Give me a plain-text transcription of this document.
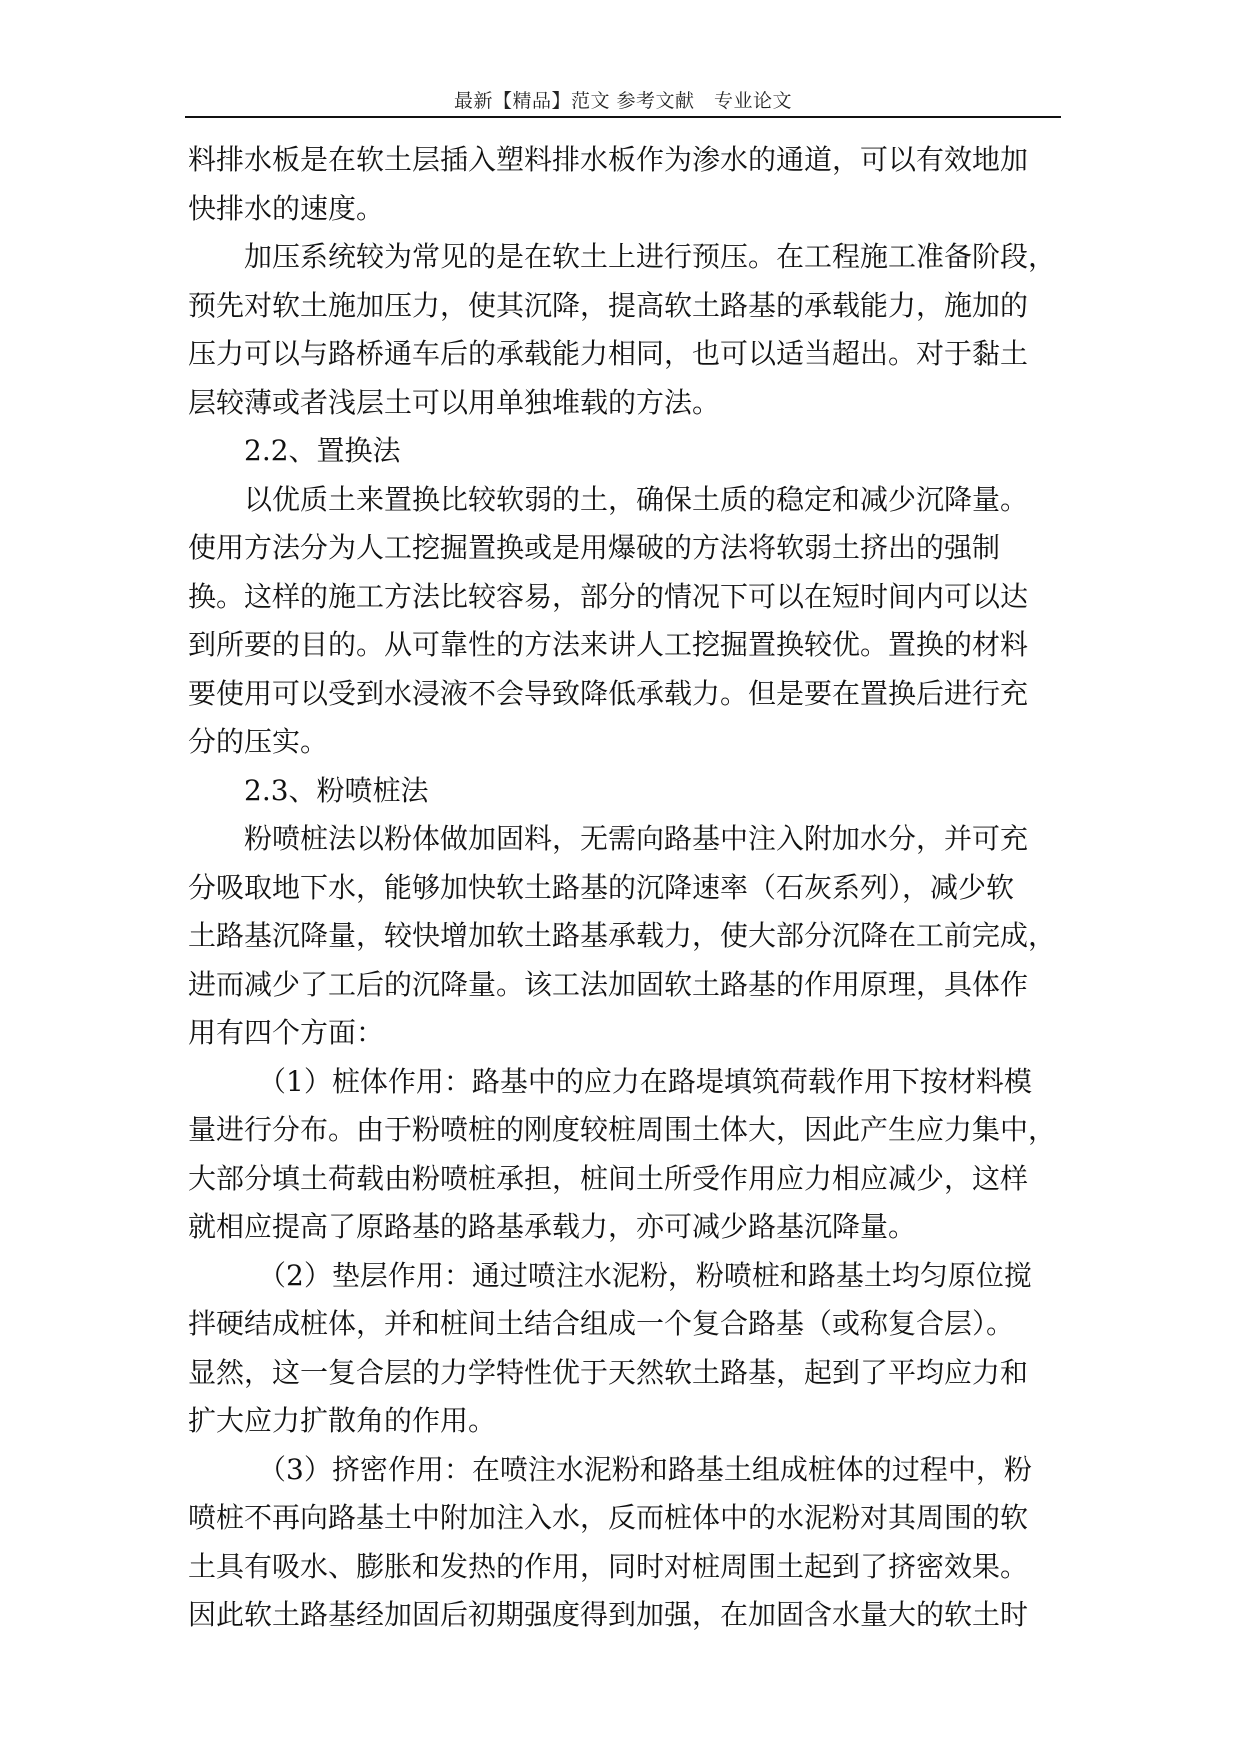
最新【精品】范文 参考文献　专业论文
料排水板是在软土层插入塑料排水板作为渗水的通道，可以有效地加
快排水的速度。
加压系统较为常见的是在软土上进行预压。在工程施工准备阶段，
预先对软土施加压力，使其沉降，提高软土路基的承载能力，施加的
压力可以与路桥通车后的承载能力相同，也可以适当超出。对于黏土
层较薄或者浅层土可以用单独堆载的方法。
2.2、置换法
以优质土来置换比较软弱的土，确保土质的稳定和减少沉降量。
使用方法分为人工挖掘置换或是用爆破的方法将软弱土挤出的强制
换。这样的施工方法比较容易，部分的情况下可以在短时间内可以达
到所要的目的。从可靠性的方法来讲人工挖掘置换较优。置换的材料
要使用可以受到水浸液不会导致降低承载力。但是要在置换后进行充
分的压实。
2.3、粉喷桩法
粉喷桩法以粉体做加固料，无需向路基中注入附加水分，并可充
分吸取地下水，能够加快软土路基的沉降速率（石灰系列），减少软
土路基沉降量，较快增加软土路基承载力，使大部分沉降在工前完成，
进而减少了工后的沉降量。该工法加固软土路基的作用原理，具体作
用有四个方面：
（1）桩体作用：路基中的应力在路堤填筑荷载作用下按材料模
量进行分布。由于粉喷桩的刚度较桩周围土体大，因此产生应力集中，
大部分填土荷载由粉喷桩承担，桩间土所受作用应力相应减少，这样
就相应提高了原路基的路基承载力，亦可减少路基沉降量。
（2）垫层作用：通过喷注水泥粉，粉喷桩和路基土均匀原位搅
拌硬结成桩体，并和桩间土结合组成一个复合路基（或称复合层）。
显然，这一复合层的力学特性优于天然软土路基，起到了平均应力和
扩大应力扩散角的作用。
（3）挤密作用：在喷注水泥粉和路基土组成桩体的过程中，粉
喷桩不再向路基土中附加注入水，反而桩体中的水泥粉对其周围的软
土具有吸水、膨胀和发热的作用，同时对桩周围土起到了挤密效果。
因此软土路基经加固后初期强度得到加强，在加固含水量大的软土时
